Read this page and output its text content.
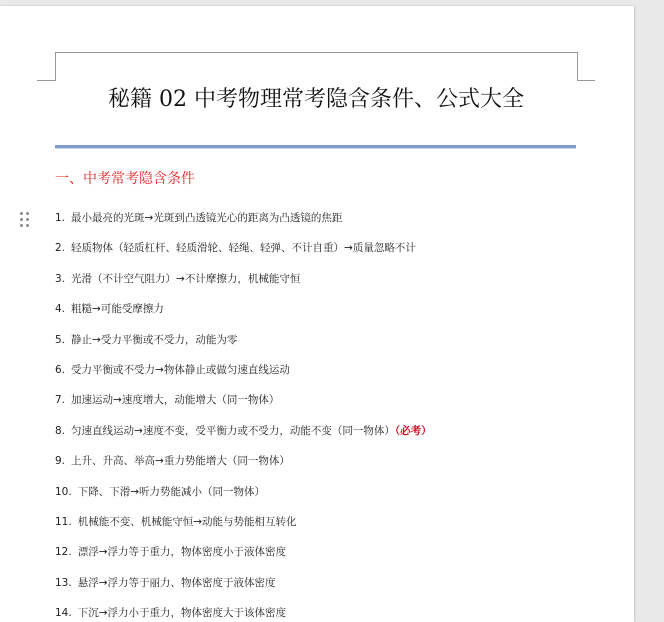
秘籍 02 中考物理常考隐含条件、公式大全
一、中考常考隐含条件
1. 最小最亮的光斑→光斑到凸透镜光心的距离为凸透镜的焦距
2. 轻质物体（轻质杠杆、轻质滑轮、轻绳、轻弹、不计自重）→质量忽略不计
3. 光滑（不计空气阻力）→不计摩擦力，机械能守恒
4. 粗糙→可能受摩擦力
5. 静止→受力平衡或不受力，动能为零
6. 受力平衡或不受力→物体静止或做匀速直线运动
7. 加速运动→速度增大，动能增大（同一物体）
8. 匀速直线运动→速度不变，受平衡力或不受力，动能不变（同一物体）（必考）
9. 上升、升高、举高→重力势能增大（同一物体）
10. 下降、下滑→听力势能减小（同一物体）
11. 机械能不变、机械能守恒→动能与势能相互转化
12. 漂浮→浮力等于重力，物体密度小于液体密度
13. 悬浮→浮力等于丽力、物体密度于液体密度
14. 下沉→浮力小于重力，物体密度大于该体密度
